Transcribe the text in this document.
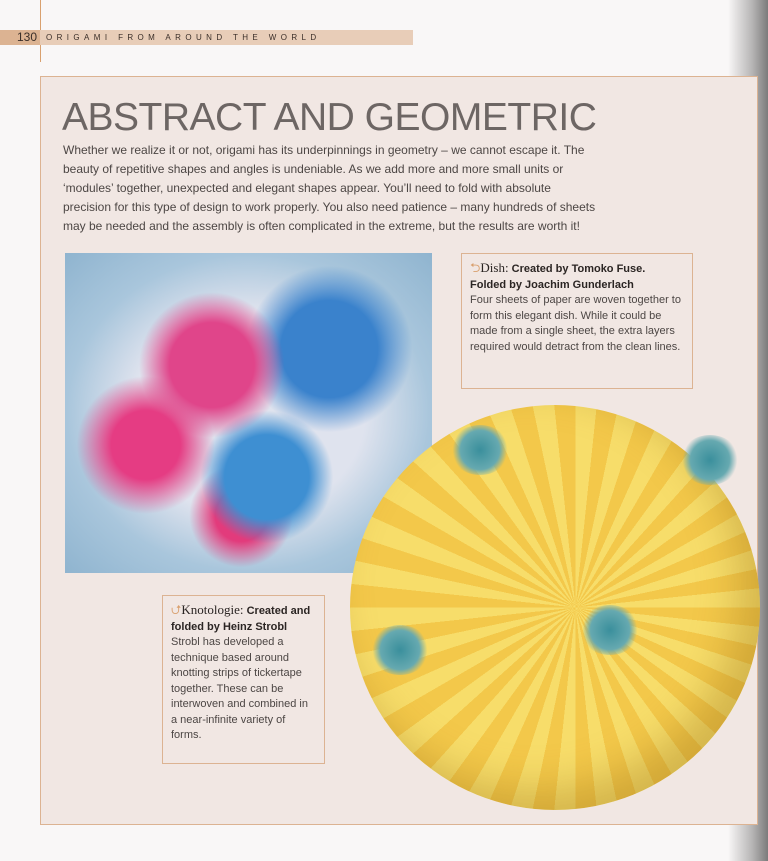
130	ORIGAMI FROM AROUND THE WORLD
ABSTRACT AND GEOMETRIC
Whether we realize it or not, origami has its underpinnings in geometry – we cannot escape it. The
beauty of repetitive shapes and angles is undeniable. As we add more and more small units or
‘modules’ together, unexpected and elegant shapes appear. You’ll need to fold with absolute
precision for this type of design to work properly. You also need patience – many hundreds of sheets
may be needed and the assembly is often complicated in the extreme, but the results are worth it!
⮌Dish: Created by Tomoko Fuse. Folded by Joachim Gunderlach
Four sheets of paper are woven together to form this elegant dish. While it could be made from a single sheet, the extra layers required would detract from the clean lines.
⮍Knotologie: Created and folded by Heinz Strobl
Strobl has developed a technique based around knotting strips of tickertape together. These can be interwoven and combined in a near-infinite variety of forms.
